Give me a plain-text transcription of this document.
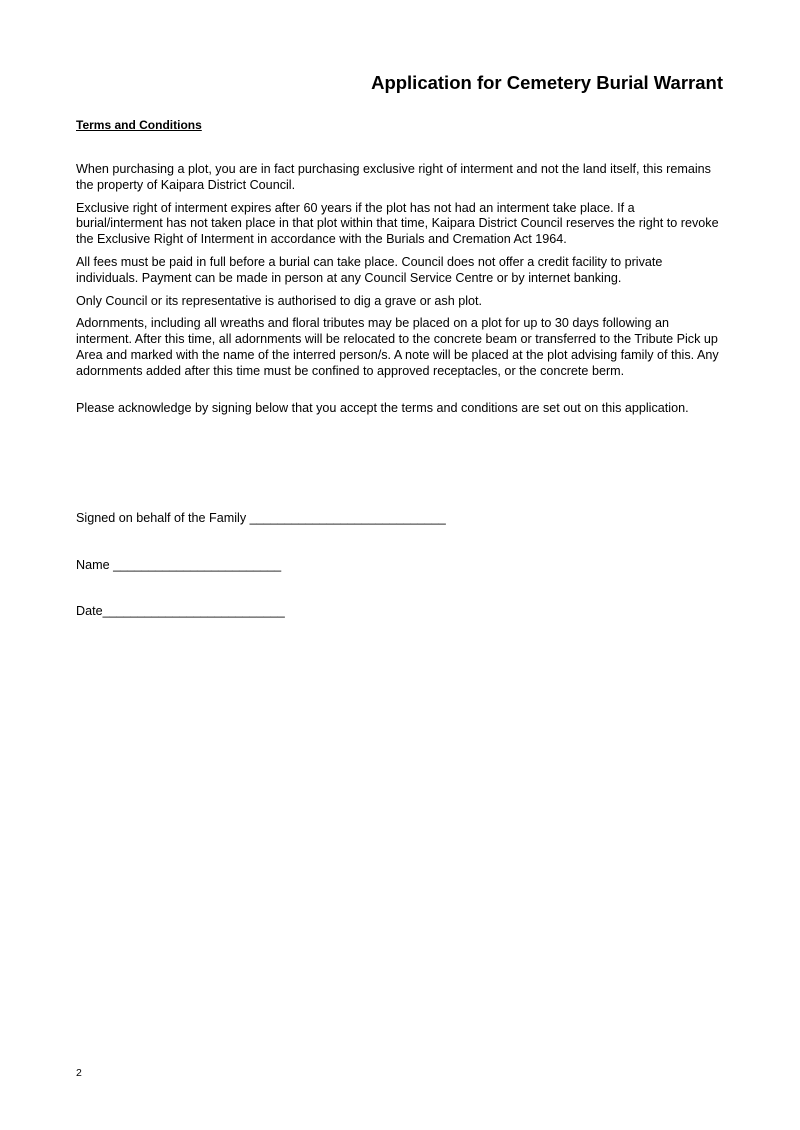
Application for Cemetery Burial Warrant
Terms and Conditions

When purchasing a plot, you are in fact purchasing exclusive right of interment and not the land itself, this remains the property of Kaipara District Council.

Exclusive right of interment expires after 60 years if the plot has not had an interment take place. If a burial/interment has not taken place in that plot within that time, Kaipara District Council reserves the right to revoke the Exclusive Right of Interment in accordance with the Burials and Cremation Act 1964.

All fees must be paid in full before a burial can take place. Council does not offer a credit facility to private individuals. Payment can be made in person at any Council Service Centre or by internet banking.

Only Council or its representative is authorised to dig a grave or ash plot.

Adornments, including all wreaths and floral tributes may be placed on a plot for up to 30 days following an interment. After this time, all adornments will be relocated to the concrete beam or transferred to the Tribute Pick up Area and marked with the name of the interred person/s. A note will be placed at the plot advising family of this. Any adornments added after this time must be confined to approved receptacles, or the concrete berm.

Please acknowledge by signing below that you accept the terms and conditions are set out on this application.

Signed on behalf of the Family ____________________________
Name ________________________
Date__________________________
2
